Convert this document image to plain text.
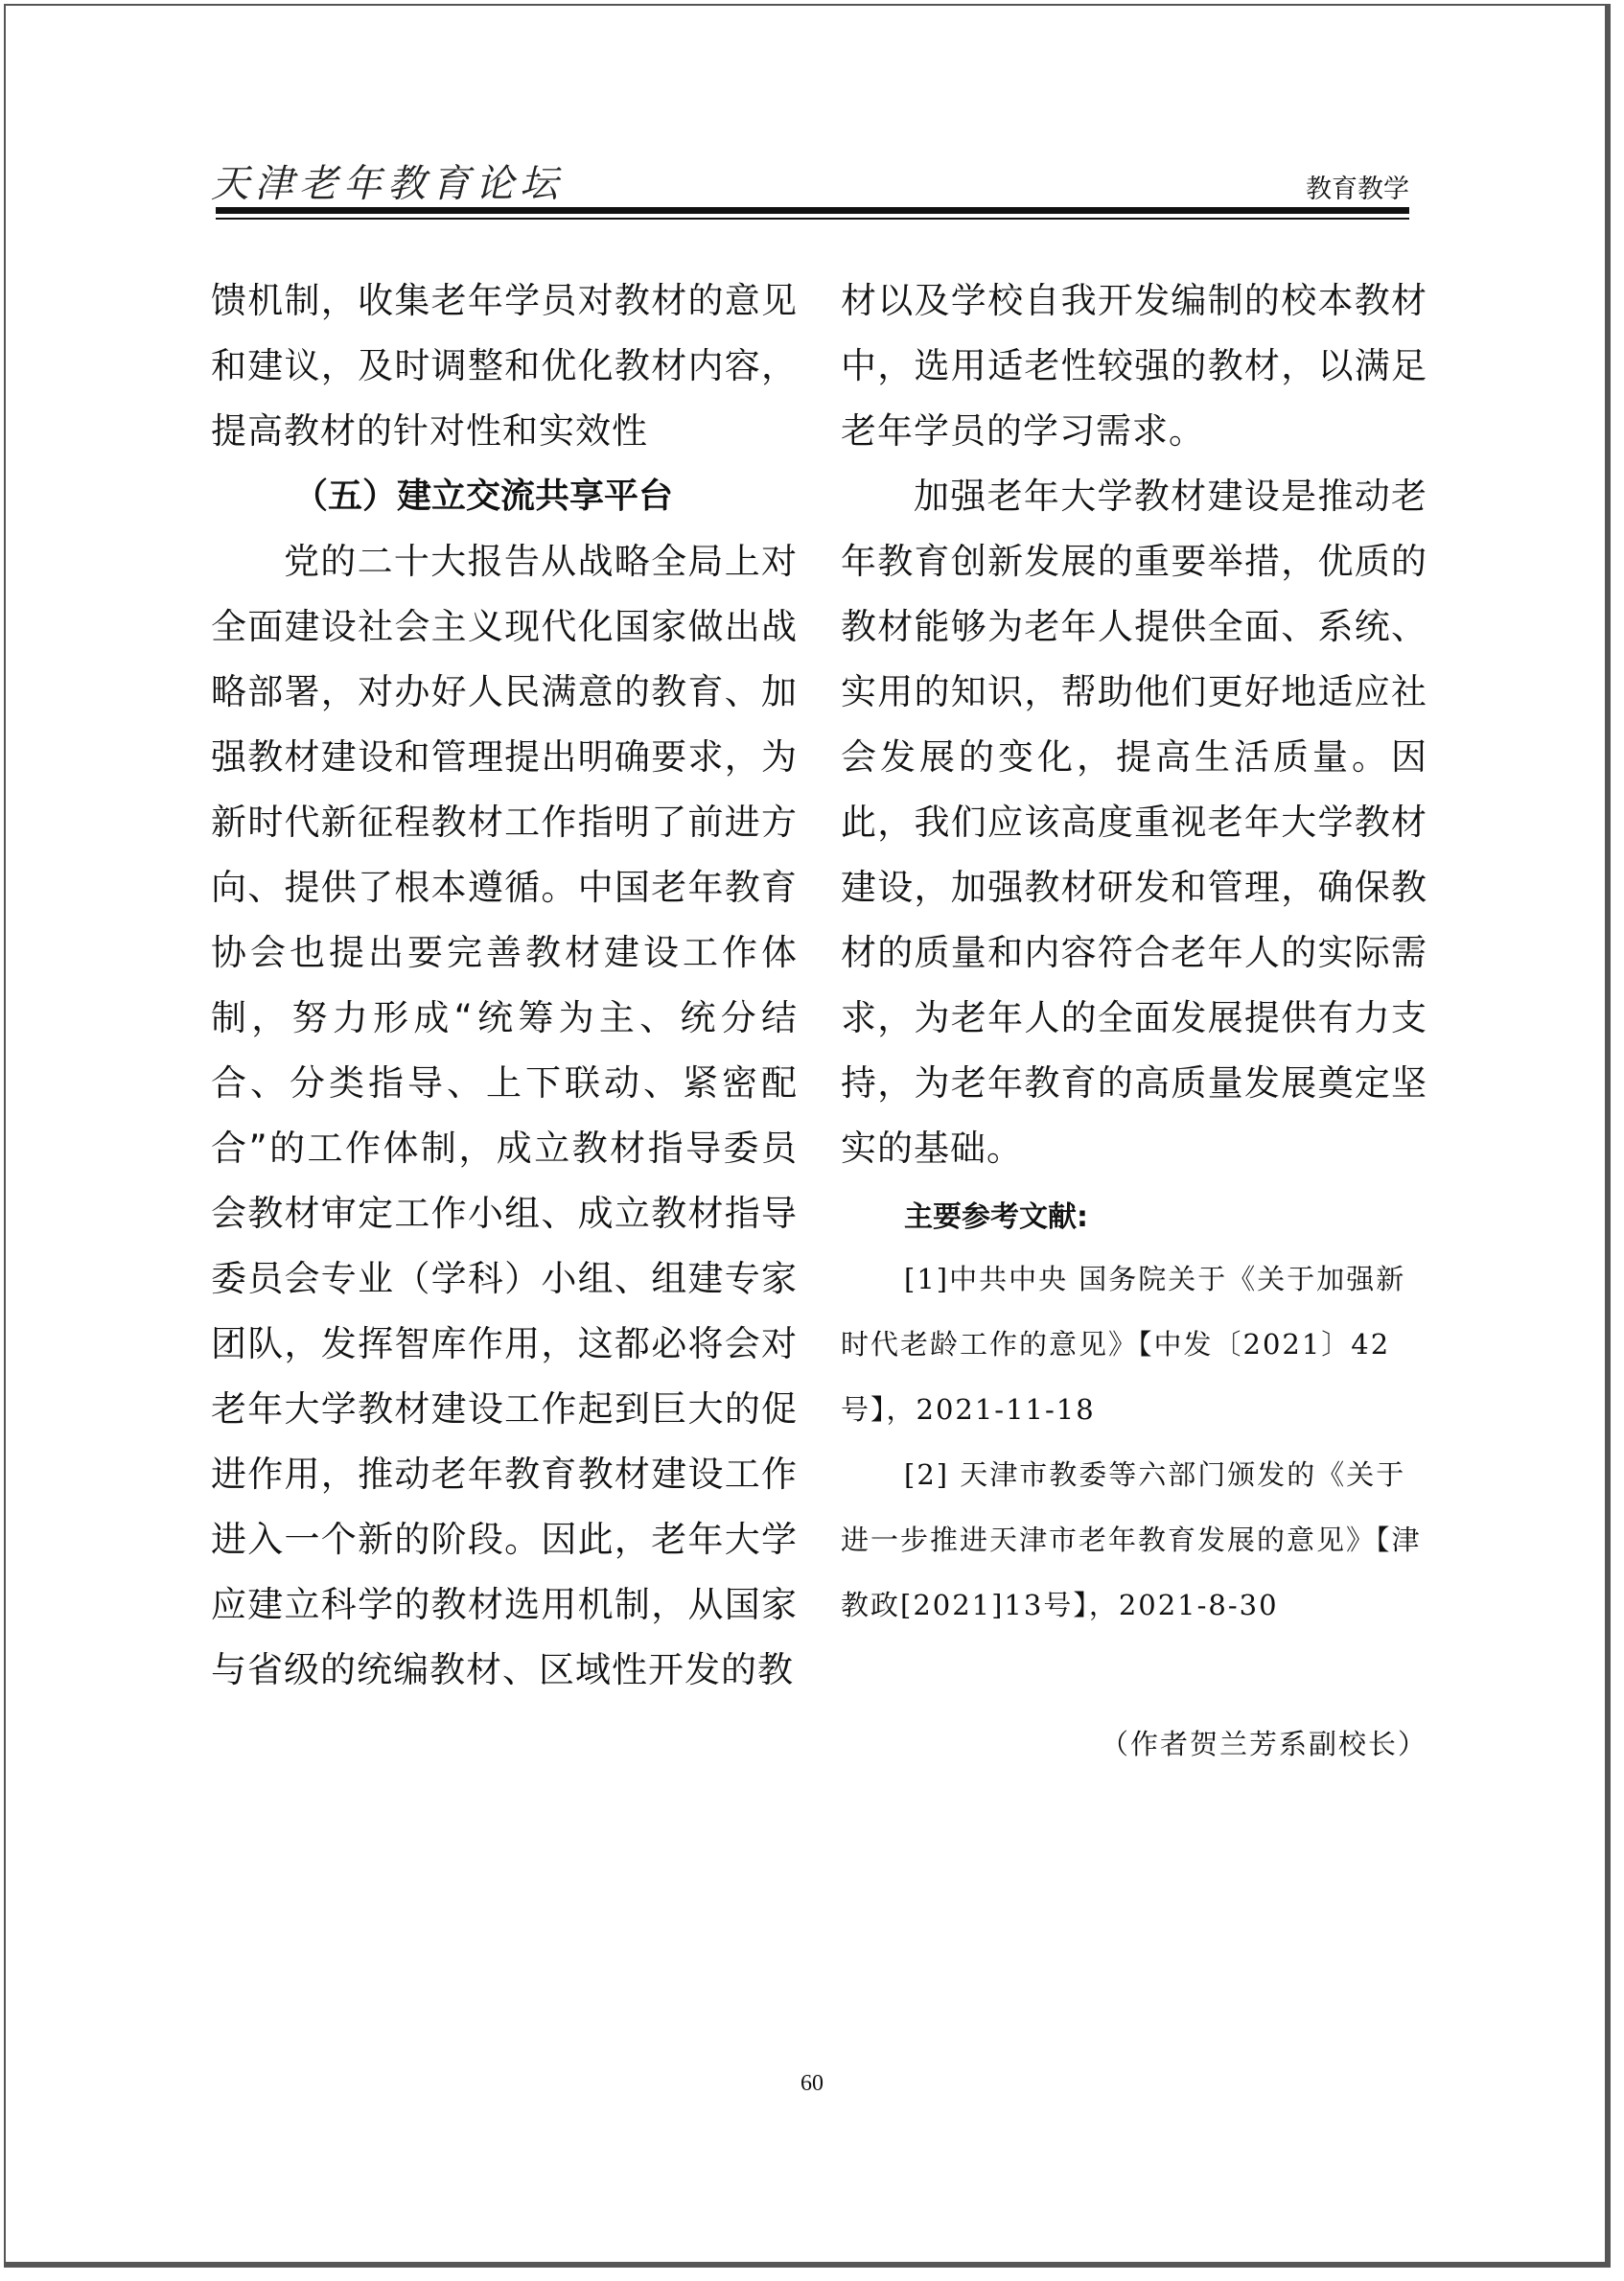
天津老年教育论坛	教育教学

馈机制，收集老年学员对教材的意见和建议，及时调整和优化教材内容，提高教材的针对性和实效性

（五）建立交流共享平台

党的二十大报告从战略全局上对全面建设社会主义现代化国家做出战略部署，对办好人民满意的教育、加强教材建设和管理提出明确要求，为新时代新征程教材工作指明了前进方向、提供了根本遵循。中国老年教育协会也提出要完善教材建设工作体制，努力形成“统筹为主、统分结合、分类指导、上下联动、紧密配合”的工作体制，成立教材指导委员会教材审定工作小组、成立教材指导委员会专业（学科）小组、组建专家团队，发挥智库作用，这都必将会对老年大学教材建设工作起到巨大的促进作用，推动老年教育教材建设工作进入一个新的阶段。因此，老年大学应建立科学的教材选用机制，从国家与省级的统编教材、区域性开发的教

材以及学校自我开发编制的校本教材中，选用适老性较强的教材，以满足老年学员的学习需求。

加强老年大学教材建设是推动老年教育创新发展的重要举措，优质的教材能够为老年人提供全面、系统、实用的知识，帮助他们更好地适应社会发展的变化，提高生活质量。因此，我们应该高度重视老年大学教材建设，加强教材研发和管理，确保教材的质量和内容符合老年人的实际需求，为老年人的全面发展提供有力支持，为老年教育的高质量发展奠定坚实的基础。

主要参考文献:

[1]中共中央 国务院关于《关于加强新时代老龄工作的意见》【中发〔2021〕42号】，2021-11-18

[2] 天津市教委等六部门颁发的《关于进一步推进天津市老年教育发展的意见》【津教政[2021]13号】，2021-8-30

（作者贺兰芳系副校长）
60
